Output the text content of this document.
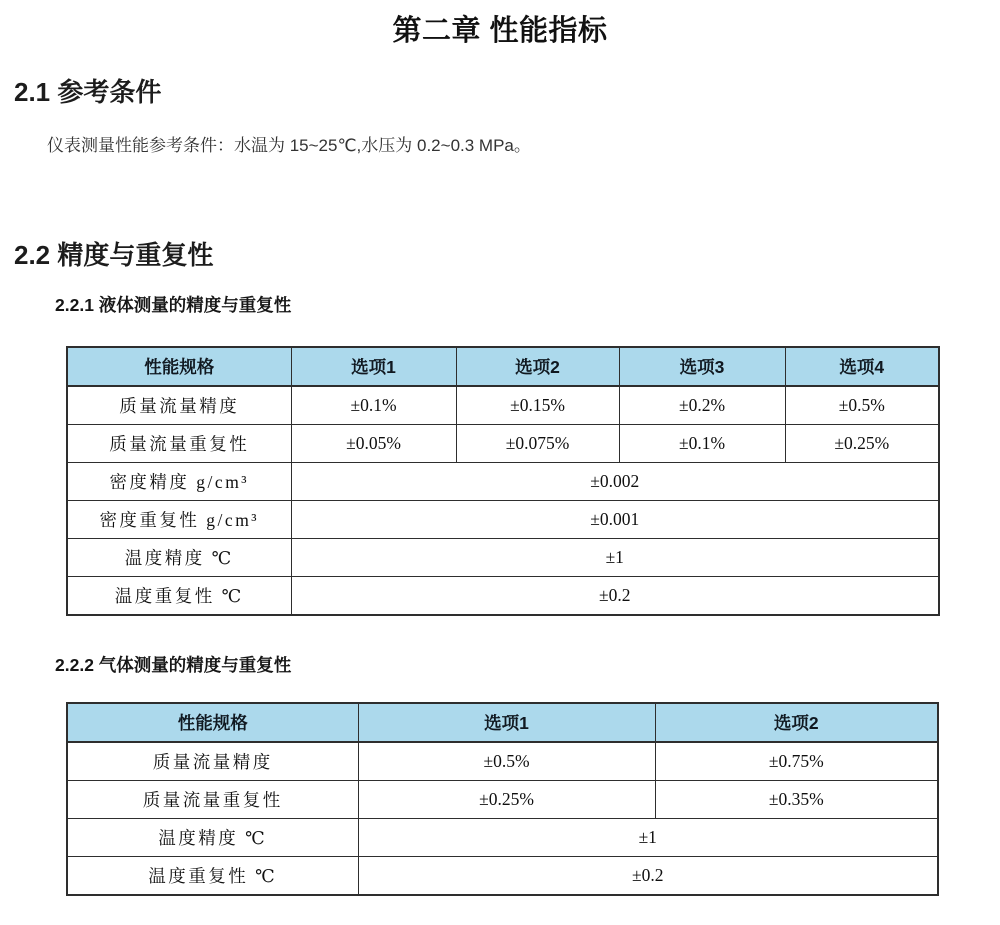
第二章 性能指标
2.1 参考条件

仪表测量性能参考条件：水温为 15~25℃,水压为 0.2~0.3 MPa。

2.2 精度与重复性
2.2.1 液体测量的精度与重复性
性能规格	选项1	选项2	选项3	选项4
质量流量精度	±0.1%	±0.15%	±0.2%	±0.5%
质量流量重复性	±0.05%	±0.075%	±0.1%	±0.25%
密度精度 g/cm³	±0.002			
密度重复性 g/cm³	±0.001			
温度精度 ℃	±1			
温度重复性 ℃	±0.2			
2.2.2 气体测量的精度与重复性
性能规格	选项1	选项2
质量流量精度	±0.5%	±0.75%
质量流量重复性	±0.25%	±0.35%
温度精度 ℃	±1	
温度重复性 ℃	±0.2	
